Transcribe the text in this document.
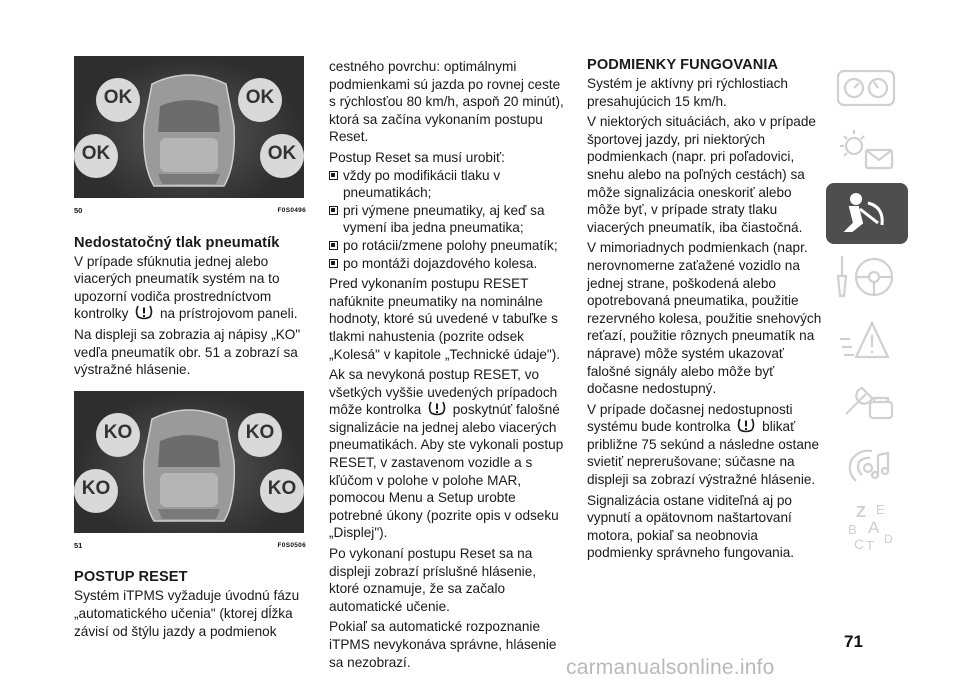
OK	OK
OK	OK
50	F0S0496
Nedostatočný tlak pneumatík

V prípade sfúknutia jednej alebo viacerých pneumatík systém na to upozorní vodiča prostredníctvom kontrolky na prístrojovom paneli.

Na displeji sa zobrazia aj nápisy „KO" vedľa pneumatík obr. 51 a zobrazí sa výstražné hlásenie.

KO	KO
KO	KO
51	F0S0506
POSTUP RESET

Systém iTPMS vyžaduje úvodnú fázu „automatického učenia" (ktorej dĺžka závisí od štýlu jazdy a podmienok

cestného povrchu: optimálnymi podmienkami sú jazda po rovnej ceste s rýchlosťou 80 km/h, aspoň 20 minút), ktorá sa začína vykonaním postupu Reset.

Postup Reset sa musí urobiť:

vždy po modifikácii tlaku v pneumatikách;
pri výmene pneumatiky, aj keď sa vymení iba jedna pneumatika;
po rotácii/zmene polohy pneumatík;
po montáži dojazdového kolesa.

Pred vykonaním postupu RESET nafúknite pneumatiky na nominálne hodnoty, ktoré sú uvedené v tabuľke s tlakmi nahustenia (pozrite odsek „Kolesá" v kapitole „Technické údaje").

Ak sa nevykoná postup RESET, vo všetkých vyššie uvedených prípadoch môže kontrolka poskytnúť falošné signalizácie na jednej alebo viacerých pneumatikách. Aby ste vykonali postup RESET, v zastavenom vozidle a s kľúčom v polohe v polohe MAR, pomocou Menu a Setup urobte potrebné úkony (pozrite opis v odseku „Displej").

Po vykonaní postupu Reset sa na displeji zobrazí príslušné hlásenie, ktoré oznamuje, že sa začalo automatické učenie.

Pokiaľ sa automatické rozpoznanie iTPMS nevykonáva správne, hlásenie sa nezobrazí.

PODMIENKY FUNGOVANIA

Systém je aktívny pri rýchlostiach presahujúcich 15 km/h.

V niektorých situáciách, ako v prípade športovej jazdy, pri niektorých podmienkach (napr. pri poľadovici, snehu alebo na poľných cestách) sa môže signalizácia oneskoriť alebo môže byť, v prípade straty tlaku viacerých pneumatík, iba čiastočná.

V mimoriadnych podmienkach (napr. nerovnomerne zaťažené vozidlo na jednej strane, poškodená alebo opotrebovaná pneumatika, použitie rezervného kolesa, použitie snehových reťazí, použitie rôznych pneumatík na náprave) môže systém ukazovať falošné signály alebo môže byť dočasne nedostupný.

V prípade dočasnej nedostupnosti systému bude kontrolka blikať približne 75 sekúnd a následne ostane svietiť neprerušovane; súčasne na displeji sa zobrazí výstražné hlásenie.

Signalizácia ostane viditeľná aj po vypnutí a opätovnom naštartovaní motora, pokiaľ sa neobnovia podmienky správneho fungovania.

Z E
B A
C T D
71
carmanualsonline.info
